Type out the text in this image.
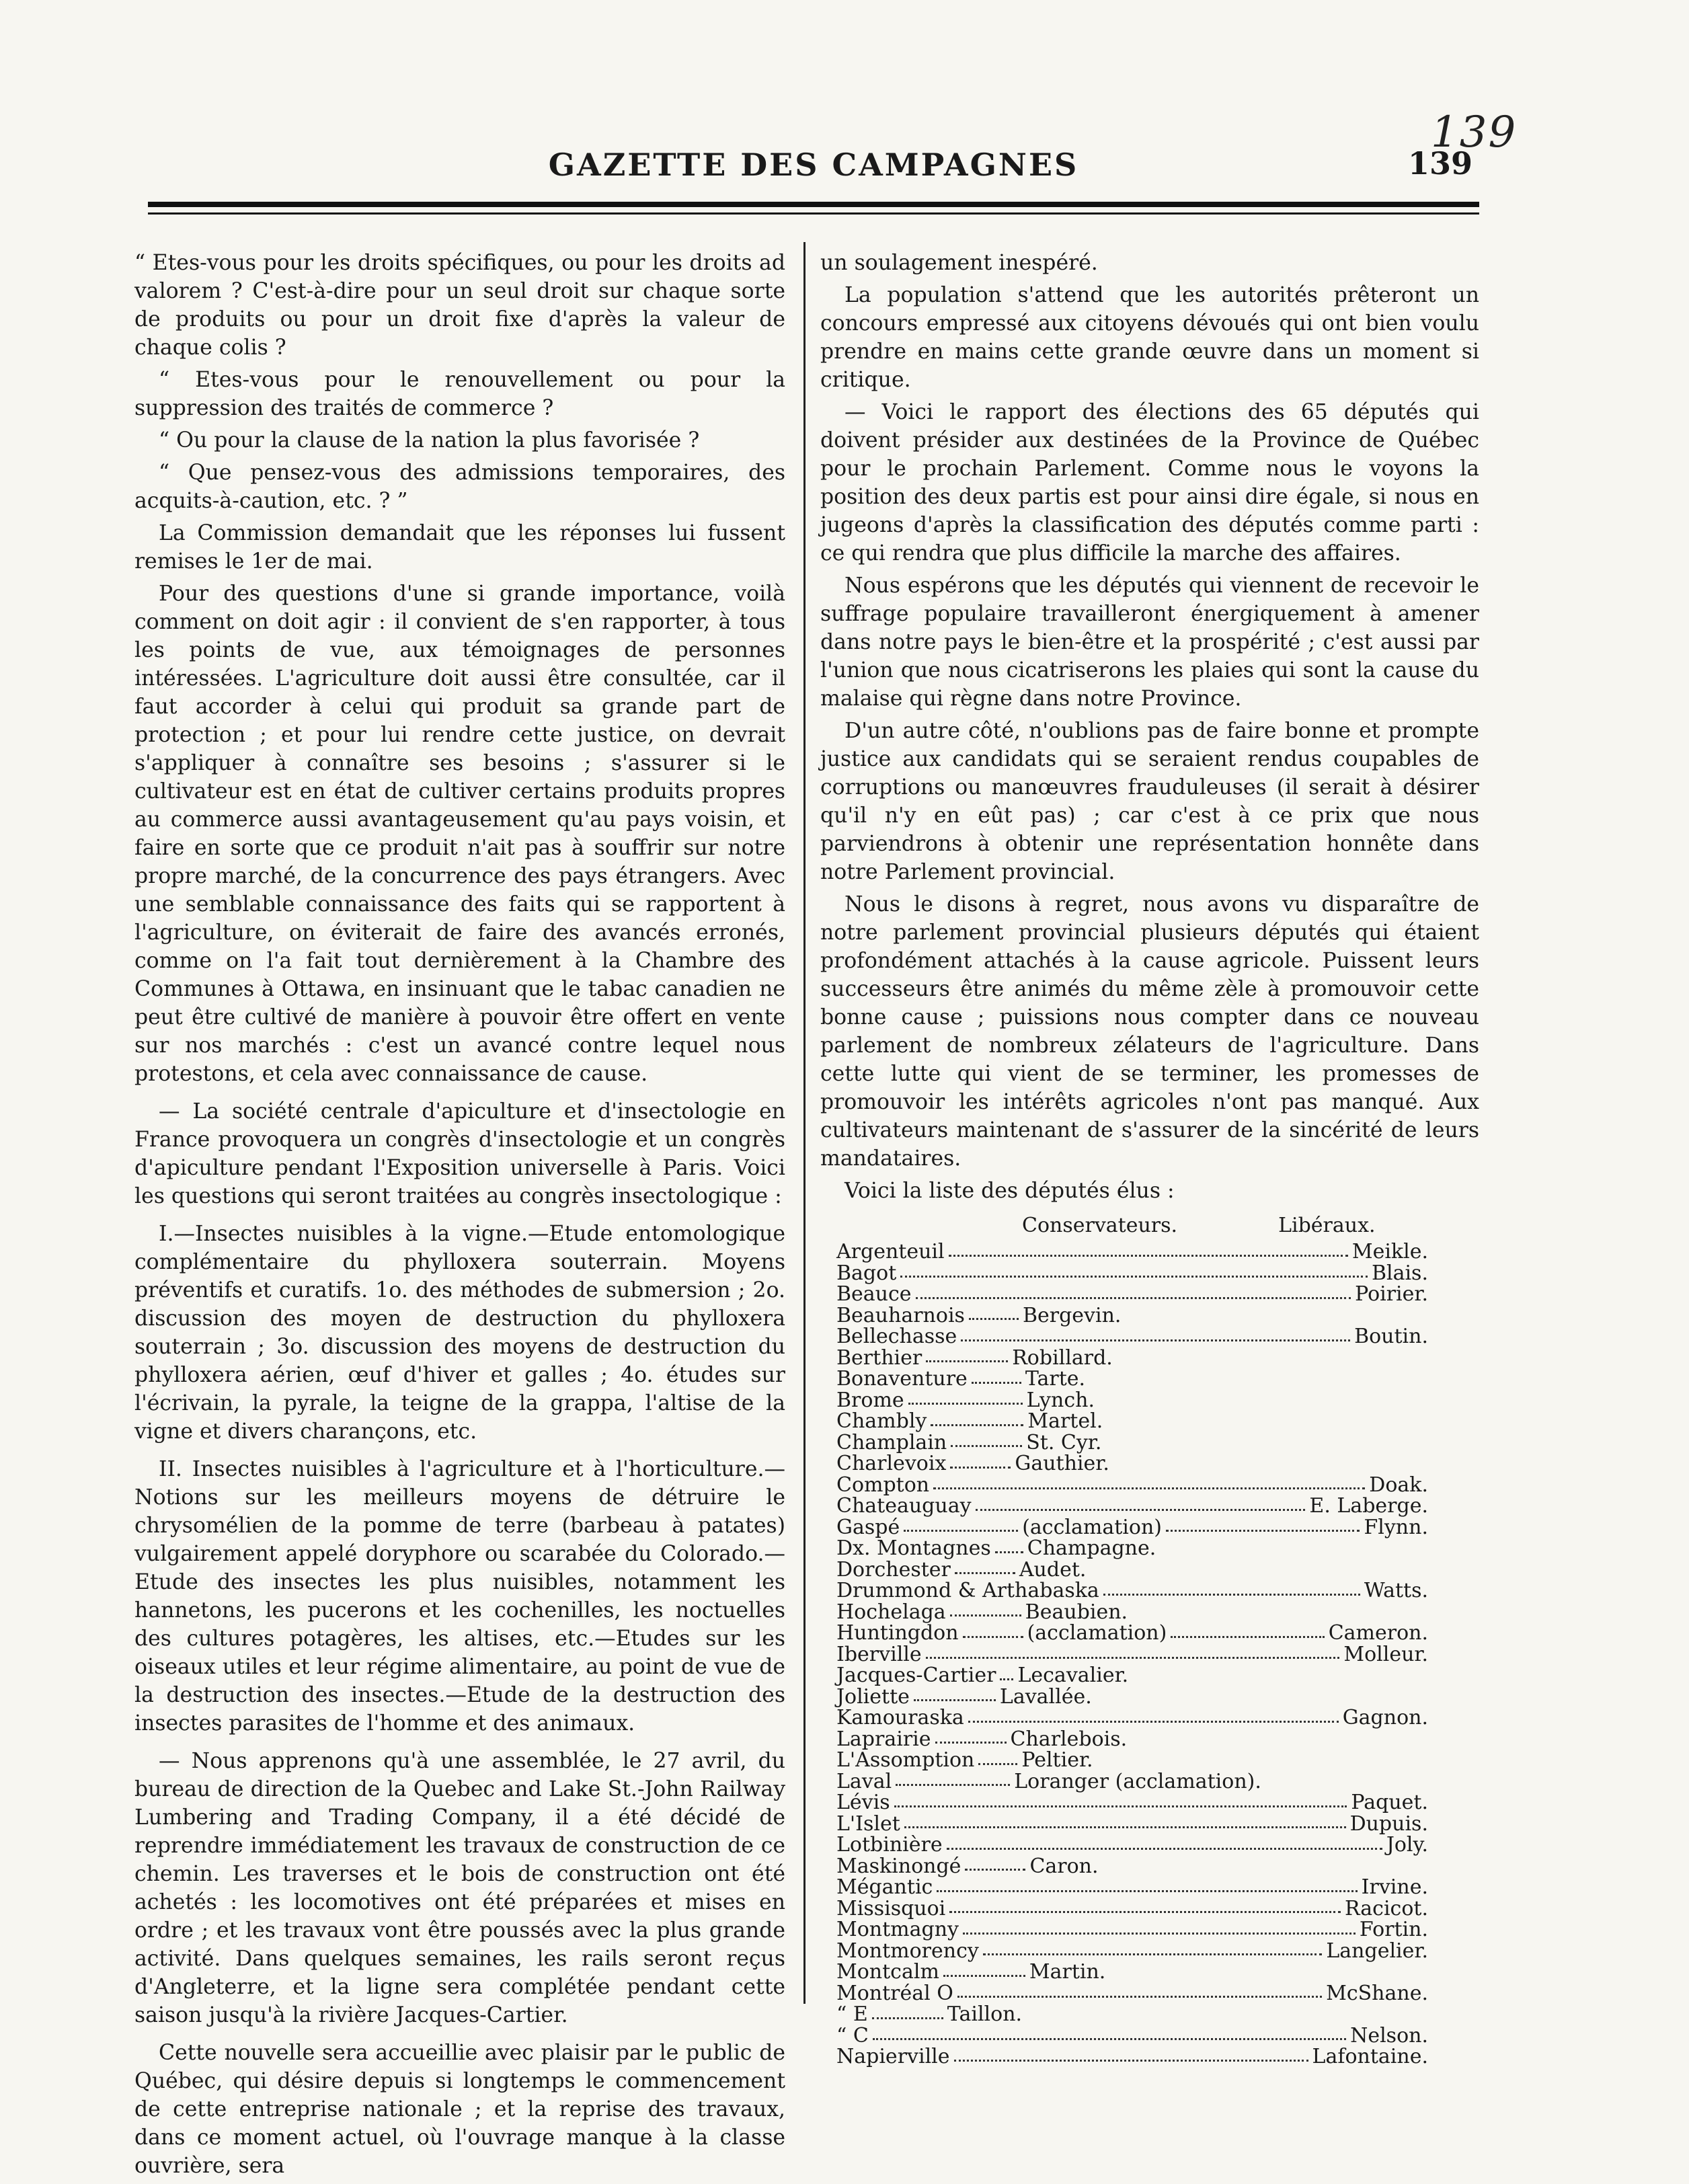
139
GAZETTE DES CAMPAGNES	139

“ Etes-vous pour les droits spécifiques, ou pour les droits ad valorem ? C'est-à-dire pour un seul droit sur chaque sorte de produits ou pour un droit fixe d'après la valeur de chaque colis ?

“ Etes-vous pour le renouvellement ou pour la suppression des traités de commerce ?

“ Ou pour la clause de la nation la plus favorisée ?

“ Que pensez-vous des admissions temporaires, des acquits-à-caution, etc. ? ”

La Commission demandait que les réponses lui fussent remises le 1er de mai.

Pour des questions d'une si grande importance, voilà comment on doit agir : il convient de s'en rapporter, à tous les points de vue, aux témoignages de personnes intéressées. L'agriculture doit aussi être consultée, car il faut accorder à celui qui produit sa grande part de protection ; et pour lui rendre cette justice, on devrait s'appliquer à connaître ses besoins ; s'assurer si le cultivateur est en état de cultiver certains produits propres au commerce aussi avantageusement qu'au pays voisin, et faire en sorte que ce produit n'ait pas à souffrir sur notre propre marché, de la concurrence des pays étrangers. Avec une semblable connaissance des faits qui se rapportent à l'agriculture, on éviterait de faire des avancés erronés, comme on l'a fait tout dernièrement à la Chambre des Communes à Ottawa, en insinuant que le tabac canadien ne peut être cultivé de manière à pouvoir être offert en vente sur nos marchés : c'est un avancé contre lequel nous protestons, et cela avec connaissance de cause.

— La société centrale d'apiculture et d'insectologie en France provoquera un congrès d'insectologie et un congrès d'apiculture pendant l'Exposition universelle à Paris. Voici les questions qui seront traitées au congrès insectologique :

I.—Insectes nuisibles à la vigne.—Etude entomologique complémentaire du phylloxera souterrain. Moyens préventifs et curatifs. 1o. des méthodes de submersion ; 2o. discussion des moyen de destruction du phylloxera souterrain ; 3o. discussion des moyens de destruction du phylloxera aérien, œuf d'hiver et galles ; 4o. études sur l'écrivain, la pyrale, la teigne de la grappa, l'altise de la vigne et divers charançons, etc.

II. Insectes nuisibles à l'agriculture et à l'horticulture.—Notions sur les meilleurs moyens de détruire le chrysomélien de la pomme de terre (barbeau à patates) vulgairement appelé doryphore ou scarabée du Colorado.—Etude des insectes les plus nuisibles, notamment les hannetons, les pucerons et les cochenilles, les noctuelles des cultures potagères, les altises, etc.—Etudes sur les oiseaux utiles et leur régime alimentaire, au point de vue de la destruction des insectes.—Etude de la destruction des insectes parasites de l'homme et des animaux.

— Nous apprenons qu'à une assemblée, le 27 avril, du bureau de direction de la Quebec and Lake St.-John Railway Lumbering and Trading Company, il a été décidé de reprendre immédiatement les travaux de construction de ce chemin. Les traverses et le bois de construction ont été achetés : les locomotives ont été préparées et mises en ordre ; et les travaux vont être poussés avec la plus grande activité. Dans quelques semaines, les rails seront reçus d'Angleterre, et la ligne sera complétée pendant cette saison jusqu'à la rivière Jacques-Cartier.

Cette nouvelle sera accueillie avec plaisir par le public de Québec, qui désire depuis si longtemps le commencement de cette entreprise nationale ; et la reprise des travaux, dans ce moment actuel, où l'ouvrage manque à la classe ouvrière, sera

un soulagement inespéré.

La population s'attend que les autorités prêteront un concours empressé aux citoyens dévoués qui ont bien voulu prendre en mains cette grande œuvre dans un moment si critique.

— Voici le rapport des élections des 65 députés qui doivent présider aux destinées de la Province de Québec pour le prochain Parlement. Comme nous le voyons la position des deux partis est pour ainsi dire égale, si nous en jugeons d'après la classification des députés comme parti : ce qui rendra que plus difficile la marche des affaires.

Nous espérons que les députés qui viennent de recevoir le suffrage populaire travailleront énergiquement à amener dans notre pays le bien-être et la prospérité ; c'est aussi par l'union que nous cicatriserons les plaies qui sont la cause du malaise qui règne dans notre Province.

D'un autre côté, n'oublions pas de faire bonne et prompte justice aux candidats qui se seraient rendus coupables de corruptions ou manœuvres frauduleuses (il serait à désirer qu'il n'y en eût pas) ; car c'est à ce prix que nous parviendrons à obtenir une représentation honnête dans notre Parlement provincial.

Nous le disons à regret, nous avons vu disparaître de notre parlement provincial plusieurs députés qui étaient profondément attachés à la cause agricole. Puissent leurs successeurs être animés du même zèle à promouvoir cette bonne cause ; puissions nous compter dans ce nouveau parlement de nombreux zélateurs de l'agriculture. Dans cette lutte qui vient de se terminer, les promesses de promouvoir les intérêts agricoles n'ont pas manqué. Aux cultivateurs maintenant de s'assurer de la sincérité de leurs mandataires.

Voici la liste des députés élus :

Conservateurs.	Libéraux.
Argenteuil	Meikle.
Bagot	Blais.
Beauce	Poirier.
Beauharnois	Bergevin.
Bellechasse	Boutin.
Berthier	Robillard.
Bonaventure	Tarte.
Brome	Lynch.
Chambly	Martel.
Champlain	St. Cyr.
Charlevoix	Gauthier.
Compton	Doak.
Chateauguay	E. Laberge.
Gaspé	(acclamation)	Flynn.
Dx. Montagnes Champagne.
Dorchester	Audet.
Drummond & Arthabaska	Watts.
Hochelaga	Beaubien.
Huntingdon	(acclamation)	Cameron.
Iberville	Molleur.
Jacques-Cartier Lecavalier.
Joliette	Lavallée.
Kamouraska	Gagnon.
Laprairie	Charlebois.
L'Assomption Peltier.
Laval	Loranger (acclamation).
Lévis	Paquet.
L'Islet	Dupuis.
Lotbinière	Joly.
Maskinongé	Caron.
Mégantic	Irvine.
Missisquoi	Racicot.
Montmagny	Fortin.
Montmorency	Langelier.
Montcalm	Martin.
Montréal O	McShane.
“ E	Taillon.
“ C	Nelson.
Napierville	Lafontaine.
